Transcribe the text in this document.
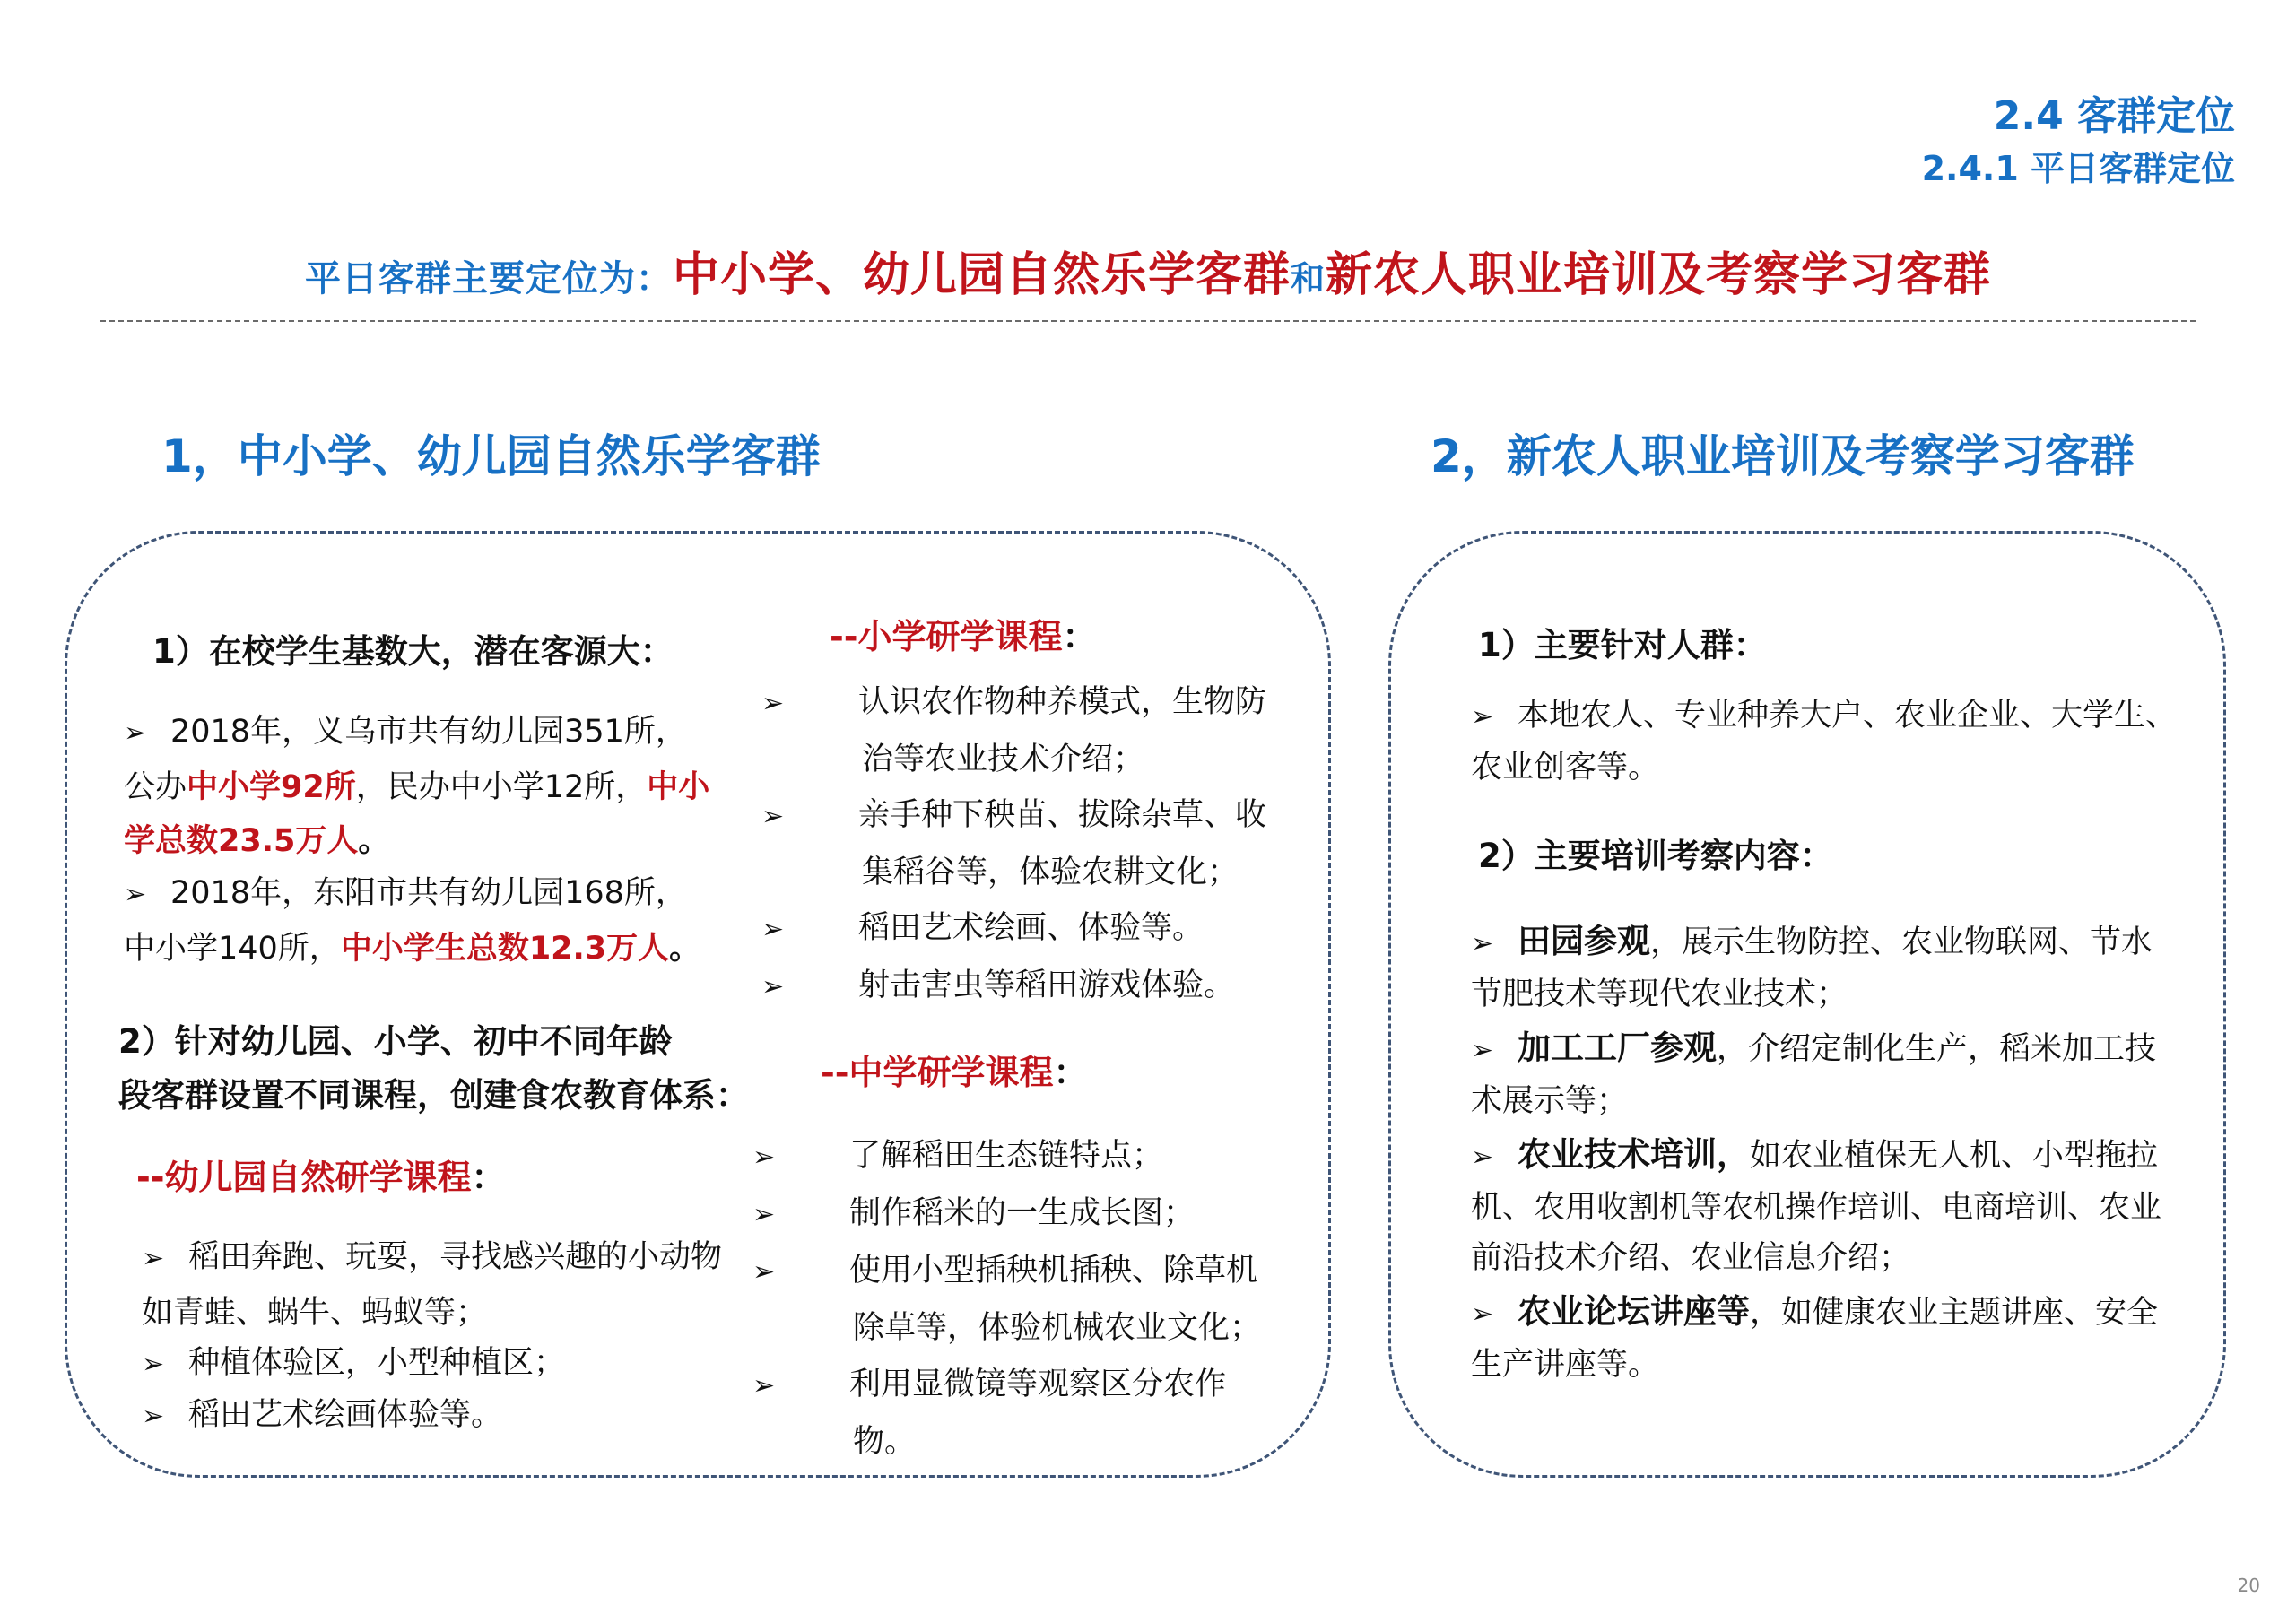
2.4 客群定位
2.4.1 平日客群定位
平日客群主要定位为：中小学、幼儿园自然乐学客群和新农人职业培训及考察学习客群
1，中小学、幼儿园自然乐学客群	2，新农人职业培训及考察学习客群
1）在校学生基数大，潜在客源大：
➢ 2018年，义乌市共有幼儿园351所，公办中小学92所，民办中小学12所，中小学总数23.5万人。
➢ 2018年，东阳市共有幼儿园168所，中小学140所，中小学生总数12.3万人。
2）针对幼儿园、小学、初中不同年龄
段客群设置不同课程，创建食农教育体系：
--幼儿园自然研学课程：
➢ 稻田奔跑、玩耍，寻找感兴趣的小动物如青蛙、蜗牛、蚂蚁等；
➢ 种植体验区，小型种植区；
➢ 稻田艺术绘画体验等。
--小学研学课程：
➢ 认识农作物种养模式，生物防治等农业技术介绍；
➢ 亲手种下秧苗、拔除杂草、收集稻谷等，体验农耕文化；
➢ 稻田艺术绘画、体验等。
➢ 射击害虫等稻田游戏体验。
--中学研学课程：
➢ 了解稻田生态链特点；
➢ 制作稻米的一生成长图；
➢ 使用小型插秧机插秧、除草机除草等，体验机械农业文化；
➢ 利用显微镜等观察区分农作物。
1）主要针对人群：
➢ 本地农人、专业种养大户、农业企业、大学生、农业创客等。
2）主要培训考察内容：
➢ 田园参观，展示生物防控、农业物联网、节水节肥技术等现代农业技术；
➢ 加工工厂参观，介绍定制化生产，稻米加工技术展示等；
➢ 农业技术培训，如农业植保无人机、小型拖拉机、农用收割机等农机操作培训、电商培训、农业前沿技术介绍、农业信息介绍；
➢ 农业论坛讲座等，如健康农业主题讲座、安全生产讲座等。
20
